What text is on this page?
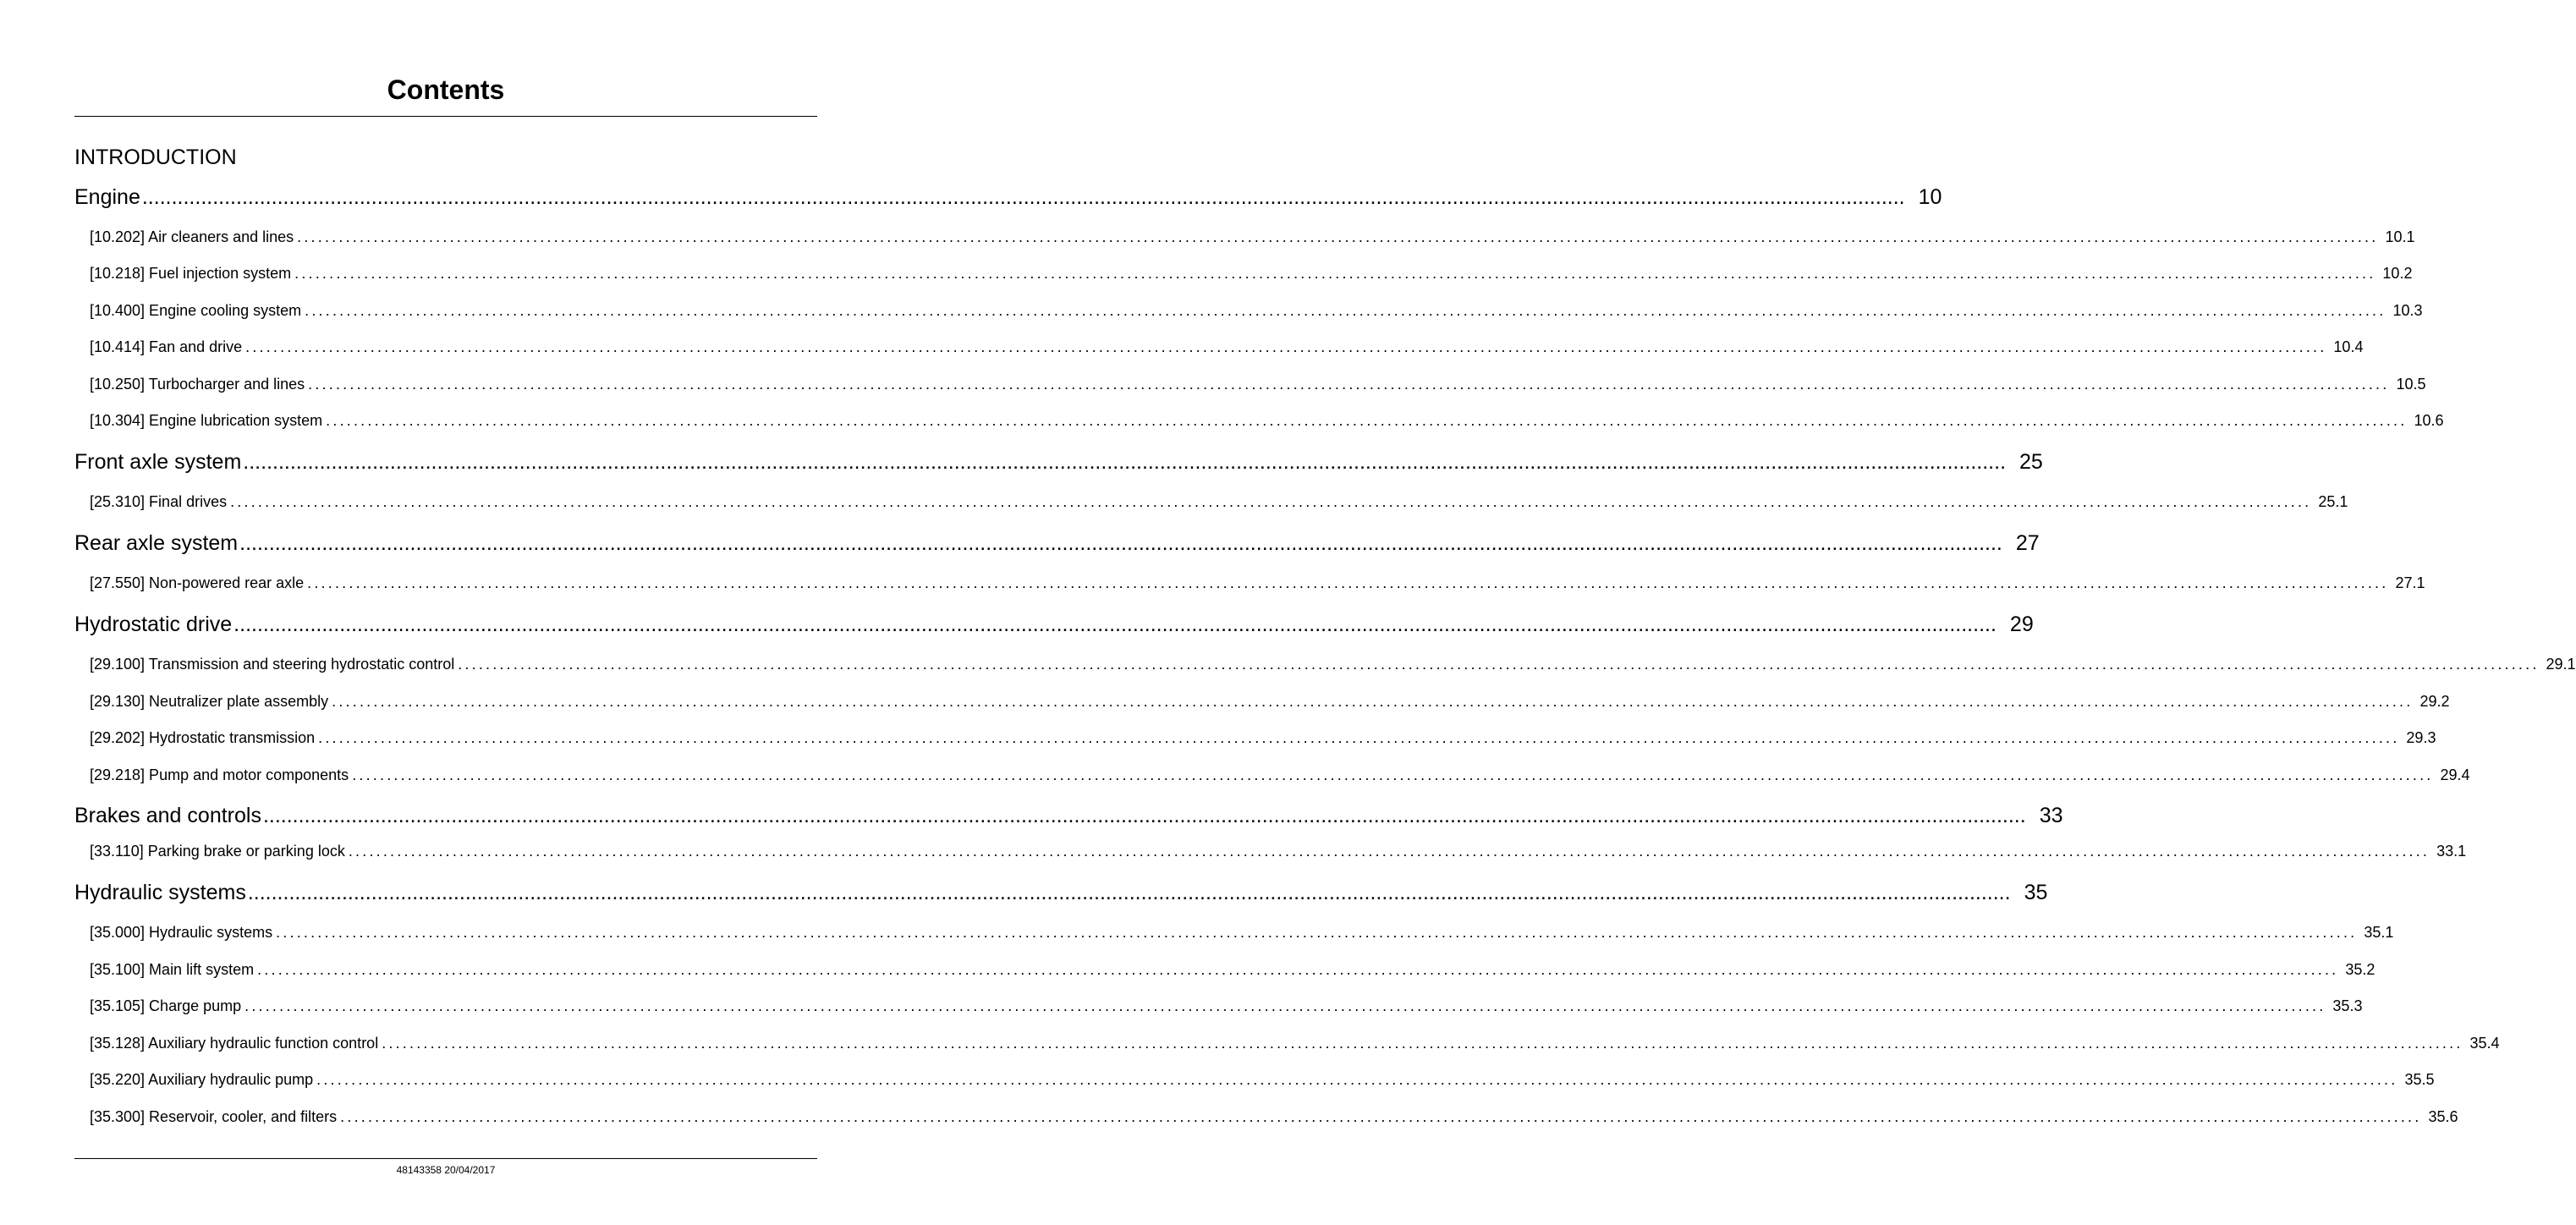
Contents
INTRODUCTION
Engine ............................................................................................................................................................................................................................................................................................................ 10
[10.202] Air cleaners and lines ............................................................................................................................................................................................................................................................................................................ 10.1
[10.218] Fuel injection system ............................................................................................................................................................................................................................................................................................................ 10.2
[10.400] Engine cooling system ............................................................................................................................................................................................................................................................................................................ 10.3
[10.414] Fan and drive ............................................................................................................................................................................................................................................................................................................ 10.4
[10.250] Turbocharger and lines ............................................................................................................................................................................................................................................................................................................ 10.5
[10.304] Engine lubrication system ............................................................................................................................................................................................................................................................................................................ 10.6
Front axle system ............................................................................................................................................................................................................................................................................................................ 25
[25.310] Final drives ............................................................................................................................................................................................................................................................................................................ 25.1
Rear axle system ............................................................................................................................................................................................................................................................................................................ 27
[27.550] Non-powered rear axle ............................................................................................................................................................................................................................................................................................................ 27.1
Hydrostatic drive ............................................................................................................................................................................................................................................................................................................ 29
[29.100] Transmission and steering hydrostatic control ............................................................................................................................................................................................................................................................................................................ 29.1
[29.130] Neutralizer plate assembly ............................................................................................................................................................................................................................................................................................................ 29.2
[29.202] Hydrostatic transmission ............................................................................................................................................................................................................................................................................................................ 29.3
[29.218] Pump and motor components ............................................................................................................................................................................................................................................................................................................ 29.4
Brakes and controls ............................................................................................................................................................................................................................................................................................................ 33
[33.110] Parking brake or parking lock ............................................................................................................................................................................................................................................................................................................ 33.1
Hydraulic systems ............................................................................................................................................................................................................................................................................................................ 35
[35.000] Hydraulic systems ............................................................................................................................................................................................................................................................................................................ 35.1
[35.100] Main lift system ............................................................................................................................................................................................................................................................................................................ 35.2
[35.105] Charge pump ............................................................................................................................................................................................................................................................................................................ 35.3
[35.128] Auxiliary hydraulic function control ............................................................................................................................................................................................................................................................................................................ 35.4
[35.220] Auxiliary hydraulic pump ............................................................................................................................................................................................................................................................................................................ 35.5
[35.300] Reservoir, cooler, and filters ............................................................................................................................................................................................................................................................................................................ 35.6
48143358 20/04/2017
